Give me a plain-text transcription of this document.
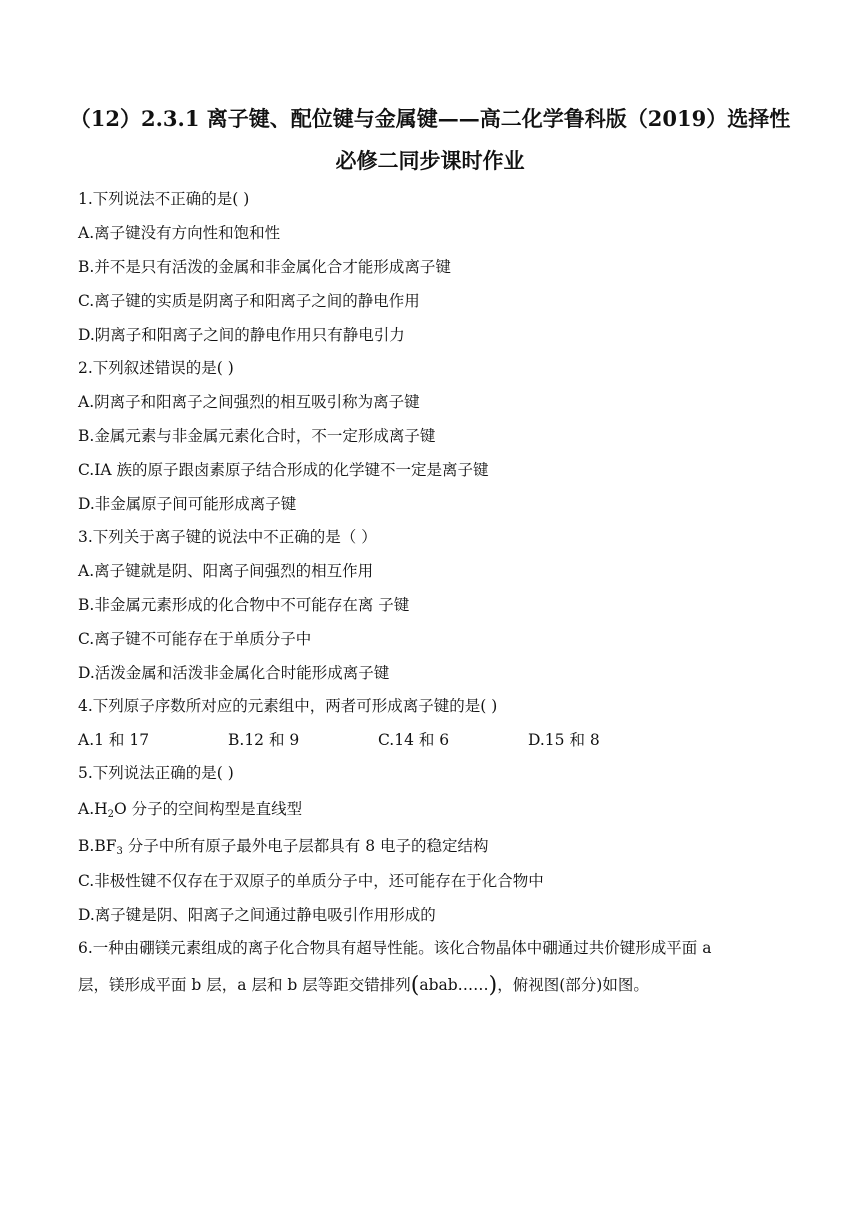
（12）2.3.1 离子键、配位键与金属键——高二化学鲁科版（2019）选择性
必修二同步课时作业
1.下列说法不正确的是( )
A.离子键没有方向性和饱和性
B.并不是只有活泼的金属和非金属化合才能形成离子键
C.离子键的实质是阴离子和阳离子之间的静电作用
D.阴离子和阳离子之间的静电作用只有静电引力
2.下列叙述错误的是( )
A.阴离子和阳离子之间强烈的相互吸引称为离子键
B.金属元素与非金属元素化合时，不一定形成离子键
C.ⅠA 族的原子跟卤素原子结合形成的化学键不一定是离子键
D.非金属原子间可能形成离子键
3.下列关于离子键的说法中不正确的是（ ）
A.离子键就是阴、阳离子间强烈的相互作用
B.非金属元素形成的化合物中不可能存在离 子键
C.离子键不可能存在于单质分子中
D.活泼金属和活泼非金属化合时能形成离子键
4.下列原子序数所对应的元素组中，两者可形成离子键的是( )
A.1 和 17	B.12 和 9	C.14 和 6	D.15 和 8
5.下列说法正确的是( )
$A.H_2O$ 分子的空间构型是直线型
$B.BF_3$ 分子中所有原子最外电子层都具有 8 电子的稳定结构
C.非极性键不仅存在于双原子的单质分子中，还可能存在于化合物中
D.离子键是阴、阳离子之间通过静电吸引作用形成的
6.一种由硼镁元素组成的离子化合物具有超导性能。该化合物晶体中硼通过共价键形成平面 a
层，镁形成平面 b 层，a 层和 b 层等距交错排列(abab……)，俯视图(部分)如图。
